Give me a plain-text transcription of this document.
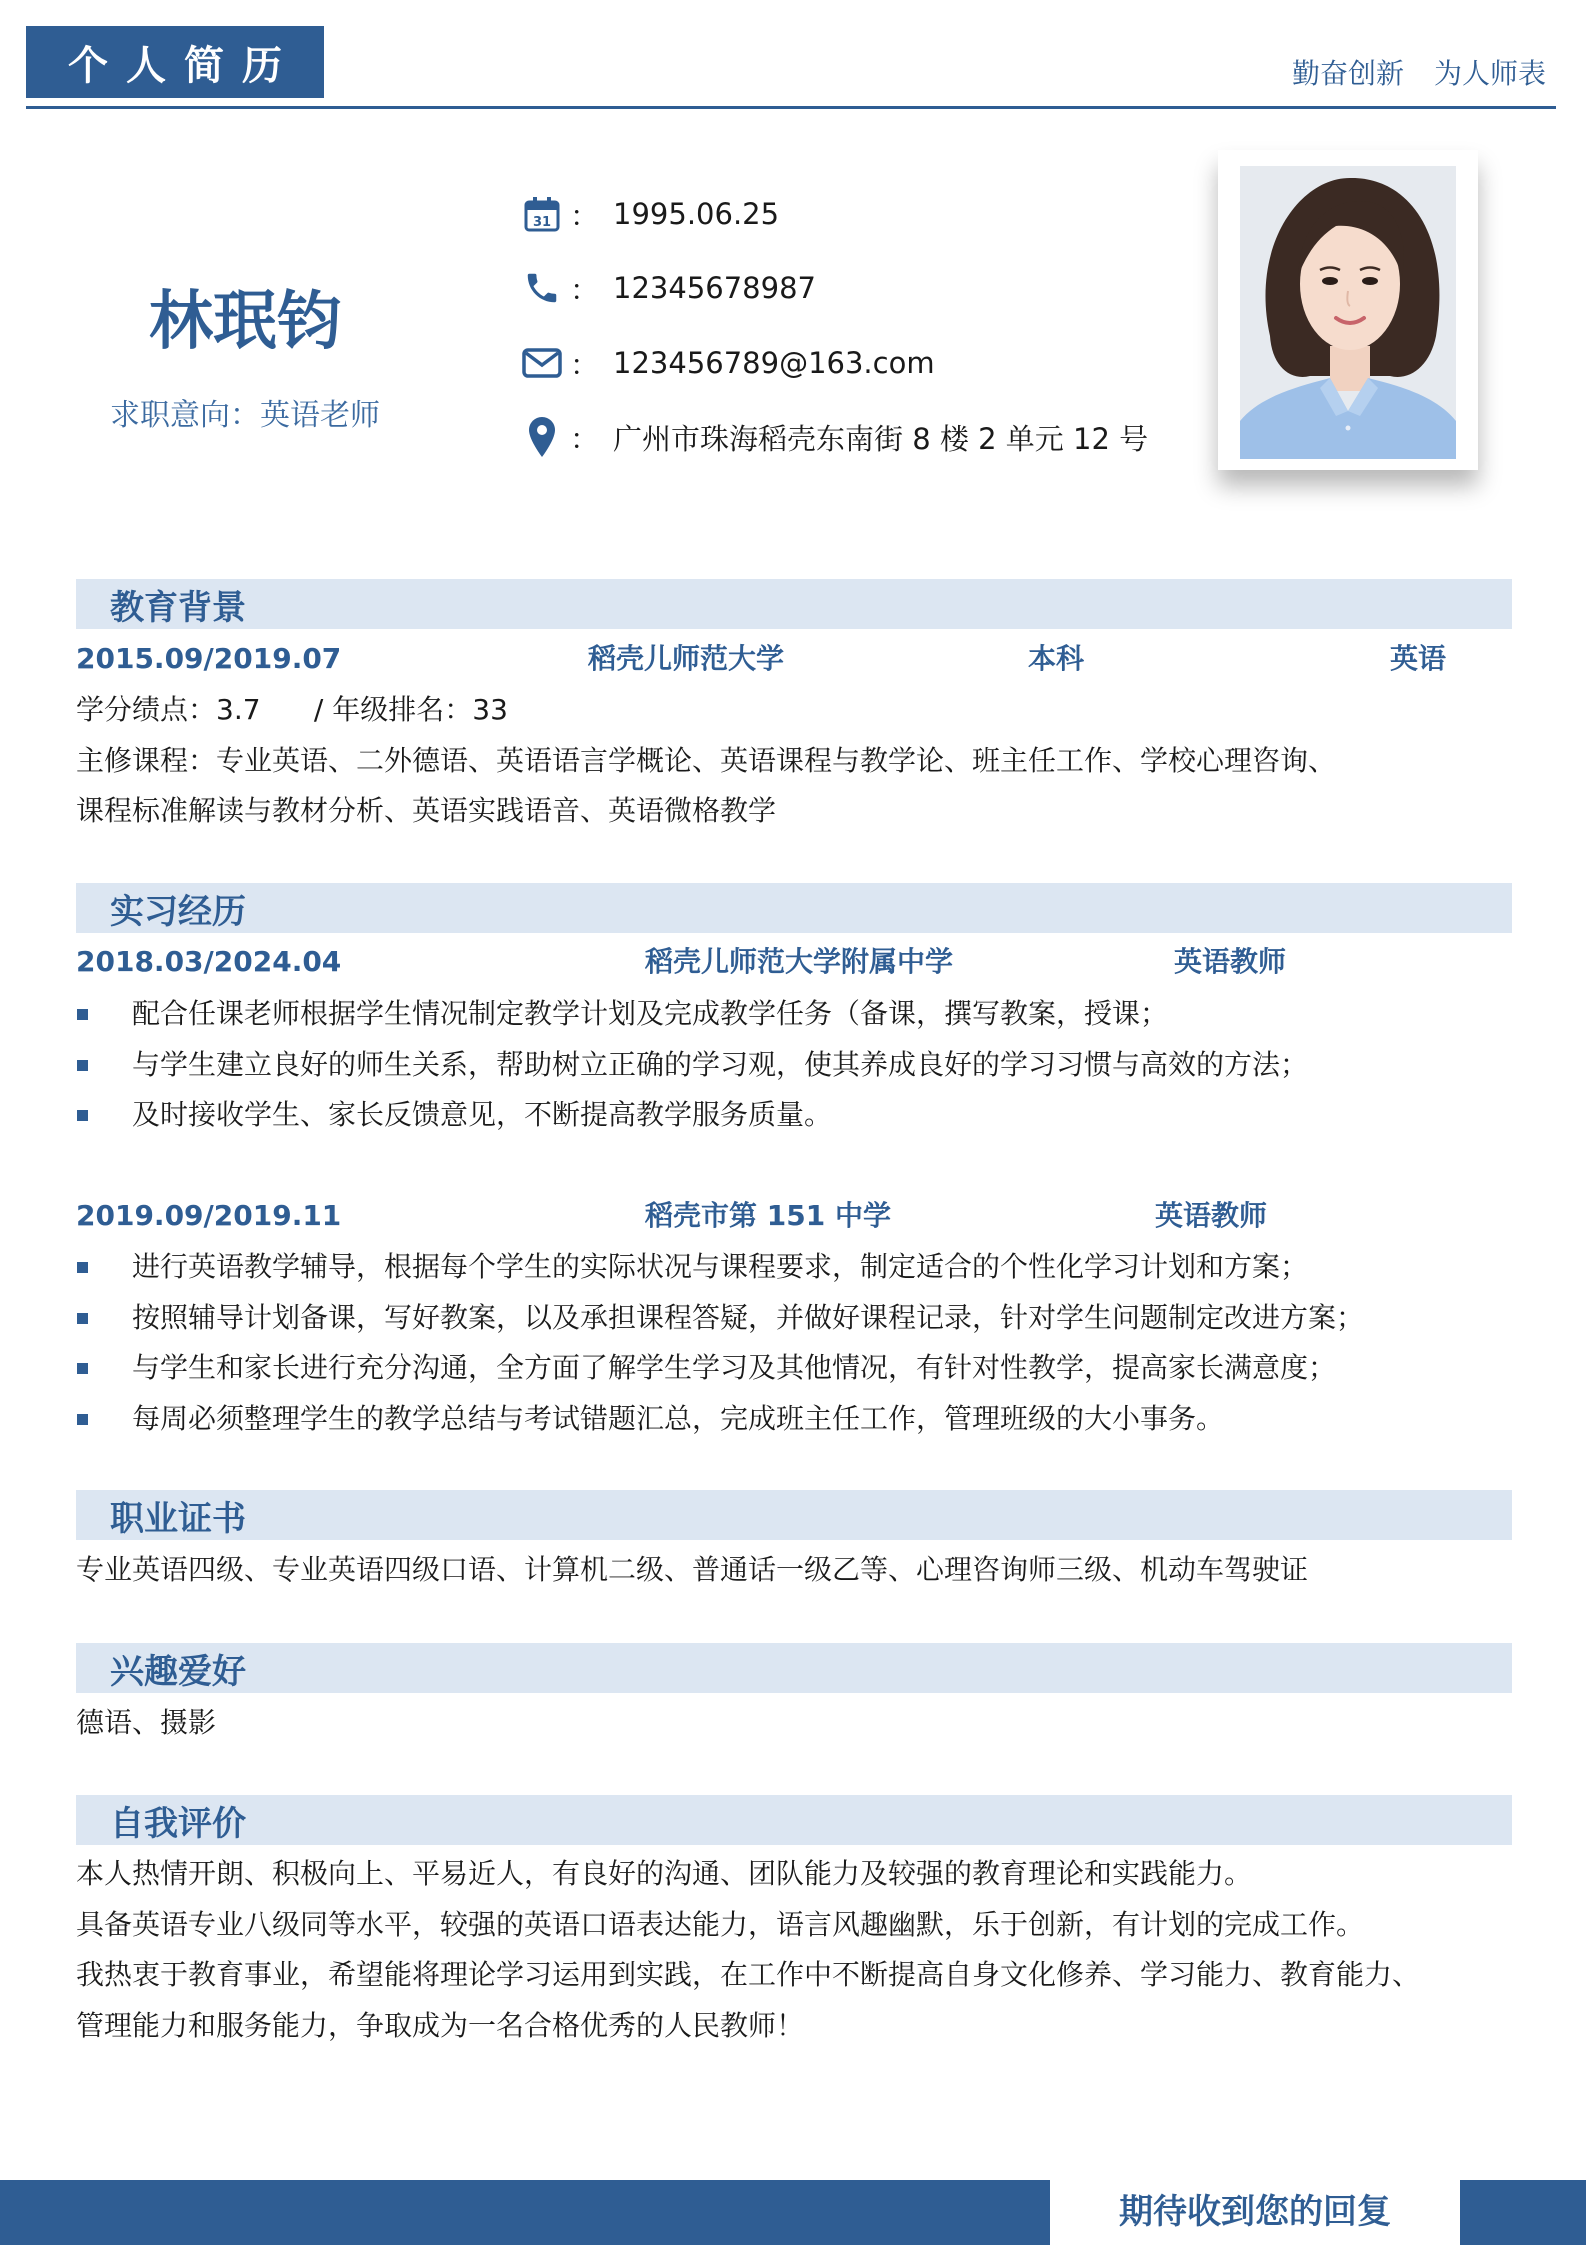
个人简历	勤奋创新 为人师表
林珉钧
求职意向：英语老师
31 ： 1995.06.25
： 12345678987
： 123456789@163.com
： 广州市珠海稻壳东南街 8 楼 2 单元 12 号
教育背景
2015.09/2019.07	稻壳儿师范大学	本科	英语
学分绩点：3.7      / 年级排名：33
主修课程：专业英语、二外德语、英语语言学概论、英语课程与教学论、班主任工作、学校心理咨询、
课程标准解读与教材分析、英语实践语音、英语微格教学
实习经历
2018.03/2024.04	稻壳儿师范大学附属中学	英语教师
配合任课老师根据学生情况制定教学计划及完成教学任务（备课，撰写教案，授课；
与学生建立良好的师生关系，帮助树立正确的学习观，使其养成良好的学习习惯与高效的方法；
及时接收学生、家长反馈意见，不断提高教学服务质量。
2019.09/2019.11	稻壳市第 151 中学	英语教师
进行英语教学辅导，根据每个学生的实际状况与课程要求，制定适合的个性化学习计划和方案；
按照辅导计划备课，写好教案，以及承担课程答疑，并做好课程记录，针对学生问题制定改进方案；
与学生和家长进行充分沟通，全方面了解学生学习及其他情况，有针对性教学，提高家长满意度；
每周必须整理学生的教学总结与考试错题汇总，完成班主任工作，管理班级的大小事务。
职业证书
专业英语四级、专业英语四级口语、计算机二级、普通话一级乙等、心理咨询师三级、机动车驾驶证
兴趣爱好
德语、摄影
自我评价
本人热情开朗、积极向上、平易近人，有良好的沟通、团队能力及较强的教育理论和实践能力。
具备英语专业八级同等水平，较强的英语口语表达能力，语言风趣幽默，乐于创新，有计划的完成工作。
我热衷于教育事业，希望能将理论学习运用到实践，在工作中不断提高自身文化修养、学习能力、教育能力、
管理能力和服务能力，争取成为一名合格优秀的人民教师！
期待收到您的回复
